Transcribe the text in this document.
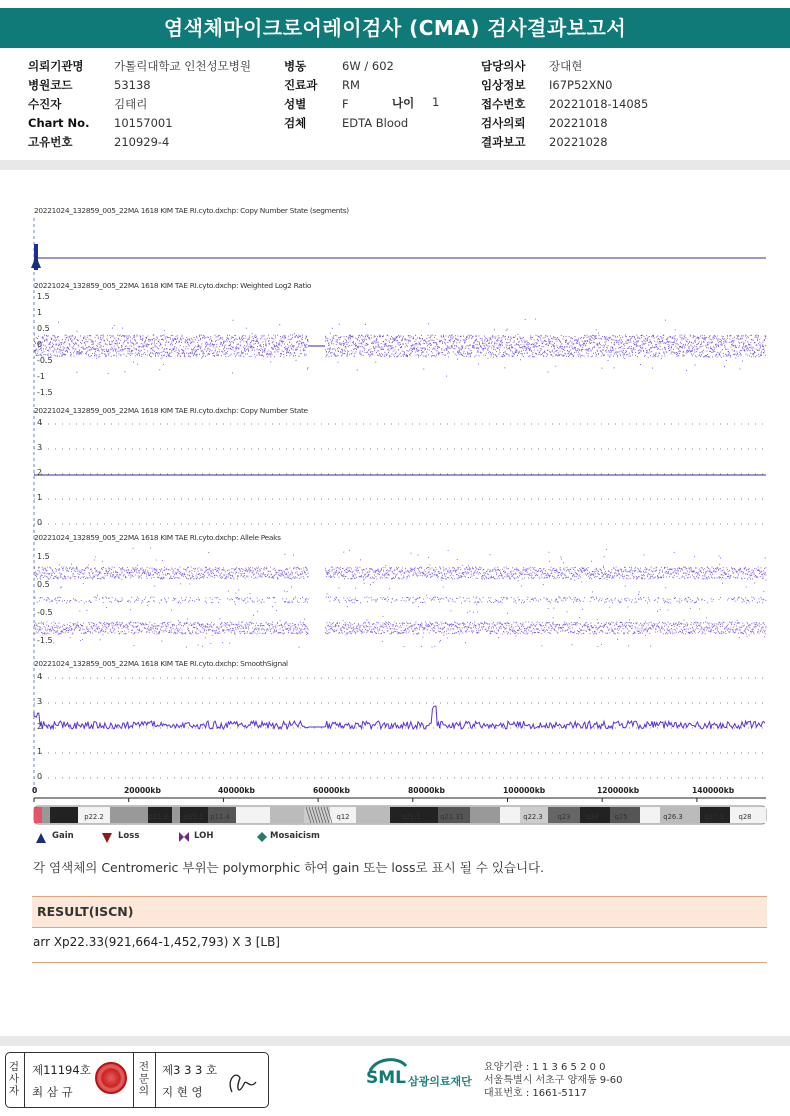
염색체마이크로어레이검사 (CMA) 검사결과보고서
의뢰기관명	가톨릭대학교 인천성모병원
병원코드	53138
수진자	김태리
Chart No.	10157001
고유번호	210929-4
병동	6W / 602
진료과	RM
성별	F
검체	EDTA Blood
나이 1
담당의사	장대현
임상정보	I67P52XN0
접수번호	20221018-14085
검사의뢰	20221018
결과보고	20221028
p22.2	p21.3 p21.1 p11.4	q12	q21.1	q21.31	q22.3 q23 q24 q25	q26.3	q27.3 q28
20221024_132859_005_22MA 1618 KIM TAE RI.cyto.dxchp: Copy Number State (segments)
20221024_132859_005_22MA 1618 KIM TAE RI.cyto.dxchp: Weighted Log2 Ratio
20221024_132859_005_22MA 1618 KIM TAE RI.cyto.dxchp: Copy Number State
20221024_132859_005_22MA 1618 KIM TAE RI.cyto.dxchp: Allele Peaks
20221024_132859_005_22MA 1618 KIM TAE RI.cyto.dxchp: SmoothSignal
1.5
1
0.5
0
-0.5
-1
-1.5
4
3
2
1
0
1.5
0.5
-0.5
-1.5
4
3
2
1
0
0	20000kb	40000kb	60000kb	80000kb	100000kb	120000kb	140000kb
Gain	Loss	LOH	Mosaicism
각 염색체의 Centromeric 부위는 polymorphic 하여 gain 또는 loss로 표시 될 수 있습니다.
RESULT(ISCN)
arr Xp22.33(921,664-1,452,793) X 3 [LB]
검사자
제11194호
최 삼 규
전문의
제3 3 3 호
지 현 영
SML 삼광의료재단
요양기관 : 1 1 3 6 5 2 0 0
서울특별시 서초구 양재동 9-60
대표번호 : 1661-5117
